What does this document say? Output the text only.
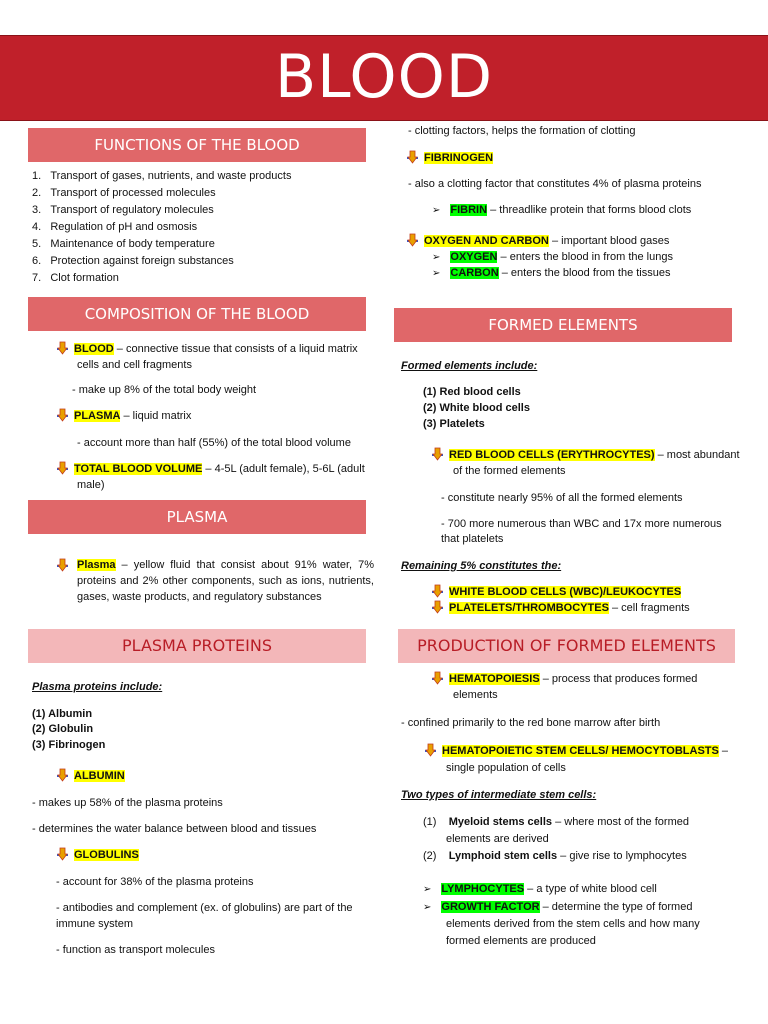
BLOOD
FUNCTIONS OF THE BLOOD
1.   Transport of gases, nutrients, and waste products
2.   Transport of processed molecules
3.   Transport of regulatory molecules
4.   Regulation of pH and osmosis
5.   Maintenance of body temperature
6.   Protection against foreign substances
7.   Clot formation
COMPOSITION OF THE BLOOD
BLOOD – connective tissue that consists of a liquid matrix
cells and cell fragments
- make up 8% of the total body weight
PLASMA – liquid matrix
- account more than half (55%) of the total blood volume
TOTAL BLOOD VOLUME – 4-5L (adult female), 5-6L (adult
male)
PLASMA
Plasma – yellow fluid that consist about 91% water, 7% proteins and 2% other components, such as ions, nutrients, gases, waste products, and regulatory substances
PLASMA PROTEINS
Plasma proteins include:
(1) Albumin
(2) Globulin
(3) Fibrinogen
ALBUMIN
- makes up 58% of the plasma proteins
- determines the water balance between blood and tissues
GLOBULINS
- account for 38% of the plasma proteins
- antibodies and complement (ex. of globulins) are part of the
immune system
- function as transport molecules
- clotting factors, helps the formation of clotting
FIBRINOGEN
- also a clotting factor that constitutes 4% of plasma proteins
➢ FIBRIN – threadlike protein that forms blood clots
OXYGEN AND CARBON – important blood gases
➢ OXYGEN – enters the blood in from the lungs
➢ CARBON – enters the blood from the tissues
FORMED ELEMENTS
Formed elements include:
(1) Red blood cells
(2) White blood cells
(3) Platelets
RED BLOOD CELLS (ERYTHROCYTES) – most abundant
of the formed elements
- constitute nearly 95% of all the formed elements
- 700 more numerous than WBC and 17x more numerous
that platelets
Remaining 5% constitutes the:
WHITE BLOOD CELLS (WBC)/LEUKOCYTES
PLATELETS/THROMBOCYTES – cell fragments
PRODUCTION OF FORMED ELEMENTS
HEMATOPOIESIS – process that produces formed
elements
- confined primarily to the red bone marrow after birth
HEMATOPOIETIC STEM CELLS/ HEMOCYTOBLASTS –
single population of cells
Two types of intermediate stem cells:
(1) Myeloid stems cells – where most of the formed
elements are derived
(2) Lymphoid stem cells – give rise to lymphocytes
➢ LYMPHOCYTES – a type of white blood cell
➢ GROWTH FACTOR – determine the type of formed
elements derived from the stem cells and how many
formed elements are produced
